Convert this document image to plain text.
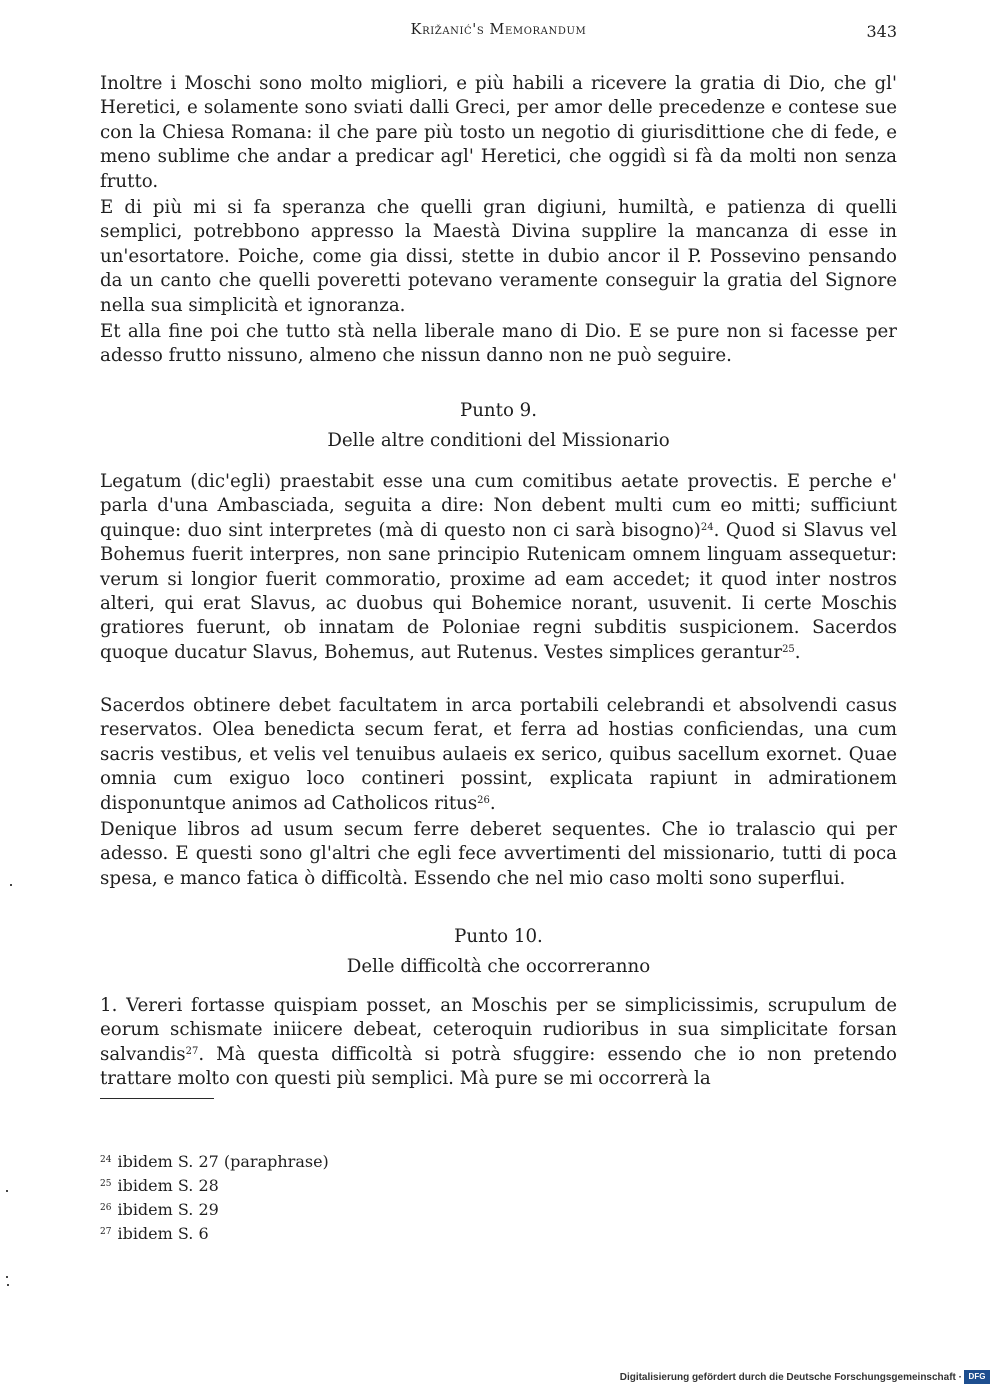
Križanić's Memorandum	343

Inoltre i Moschi sono molto migliori, e più habili a ricevere la gratia di Dio, che gl' Heretici, e solamente sono sviati dalli Greci, per amor delle precedenze e contese sue con la Chiesa Romana: il che pare più tosto un negotio di giurisdittione che di fede, e meno sublime che andar a predicar agl' Heretici, che oggidì si fà da molti non senza frutto.

E di più mi si fa speranza che quelli gran digiuni, humiltà, e patienza di quelli semplici, potrebbono appresso la Maestà Divina supplire la mancanza di esse in un'esortatore. Poiche, come gia dissi, stette in dubio ancor il P. Possevino pensando da un canto che quelli poveretti potevano veramente conseguir la gratia del Signore nella sua simplicità et ignoranza.

Et alla fine poi che tutto stà nella liberale mano di Dio. E se pure non si facesse per adesso frutto nissuno, almeno che nissun danno non ne può seguire.

Punto 9.
Delle altre conditioni del Missionario

Legatum (dic'egli) praestabit esse una cum comitibus aetate provectis. E perche e' parla d'una Ambasciada, seguita a dire: Non debent multi cum eo mitti; sufficiunt quinque: duo sint interpretes (mà di questo non ci sarà bisogno)$^{24}$. Quod si Slavus vel Bohemus fuerit interpres, non sane principio Rutenicam omnem linguam assequetur: verum si longior fuerit commoratio, proxime ad eam accedet; it quod inter nostros alteri, qui erat Slavus, ac duobus qui Bohemice norant, usuvenit. Ii certe Moschis gratiores fuerunt, ob innatam de Poloniae regni subditis suspicionem. Sacerdos quoque ducatur Slavus, Bohemus, aut Rutenus. Vestes simplices gerantur$^{25}$.

Sacerdos obtinere debet facultatem in arca portabili celebrandi et absolvendi casus reservatos. Olea benedicta secum ferat, et ferra ad hostias conficiendas, una cum sacris vestibus, et velis vel tenuibus aulaeis ex serico, quibus sacellum exornet. Quae omnia cum exiguo loco contineri possint, explicata rapiunt in admirationem disponuntque animos ad Catholicos ritus$^{26}$.

Denique libros ad usum secum ferre deberet sequentes. Che io tralascio qui per adesso. E questi sono gl'altri che egli fece avvertimenti del missionario, tutti di poca spesa, e manco fatica ò difficoltà. Essendo che nel mio caso molti sono superflui.

Punto 10.
Delle difficoltà che occorreranno

1. Vereri fortasse quispiam posset, an Moschis per se simplicissimis, scrupulum de eorum schismate iniicere debeat, ceteroquin rudioribus in sua simplicitate forsan salvandis$^{27}$. Mà questa difficoltà si potrà sfuggire: essendo che io non pretendo trattare molto con questi più semplici. Mà pure se mi occorrerà la

$^{24}$ ibidem S. 27 (paraphrase)
$^{25}$ ibidem S. 28
$^{26}$ ibidem S. 29
$^{27}$ ibidem S. 6
Digitalisierung gefördert durch die Deutsche Forschungsgemeinschaft · DFG
